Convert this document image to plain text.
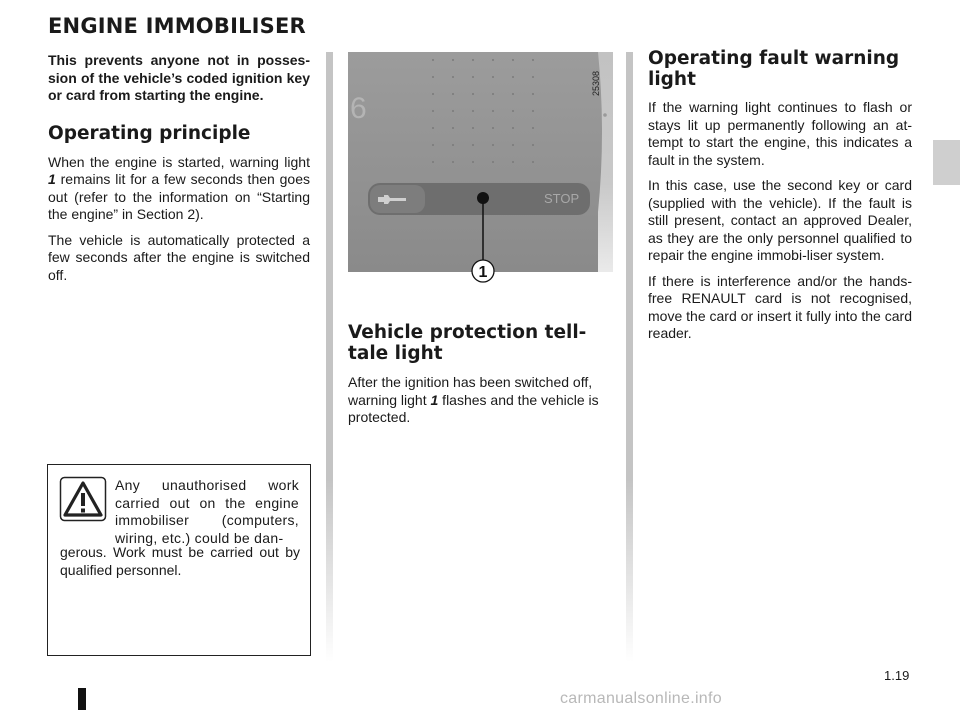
ENGINE IMMOBILISER

This prevents anyone not in posses-sion of the vehicle’s coded ignition key or card from starting the engine.

Operating principle

When the engine is started, warning light 1 remains lit for a few seconds then goes out (refer to the information on “Starting the engine” in Section 2).

The vehicle is automatically protected a few seconds after the engine is switched off.

Any unauthorised work carried out on the engine immobiliser (computers, wiring, etc.) could be dan-
gerous. Work must be carried out by qualified personnel.
6
STOP
1
25308
Vehicle protection tell-tale light

After the ignition has been switched off, warning light 1 flashes and the vehicle is protected.

Operating fault warning light

If the warning light continues to flash or stays lit up permanently following an at-tempt to start the engine, this indicates a fault in the system.

In this case, use the second key or card (supplied with the vehicle). If the fault is still present, contact an approved Dealer, as they are the only personnel qualified to repair the engine immobi-liser system.

If there is interference and/or the hands-free RENAULT card is not recognised, move the card or insert it fully into the card reader.

1.19
carmanualsonline.info
